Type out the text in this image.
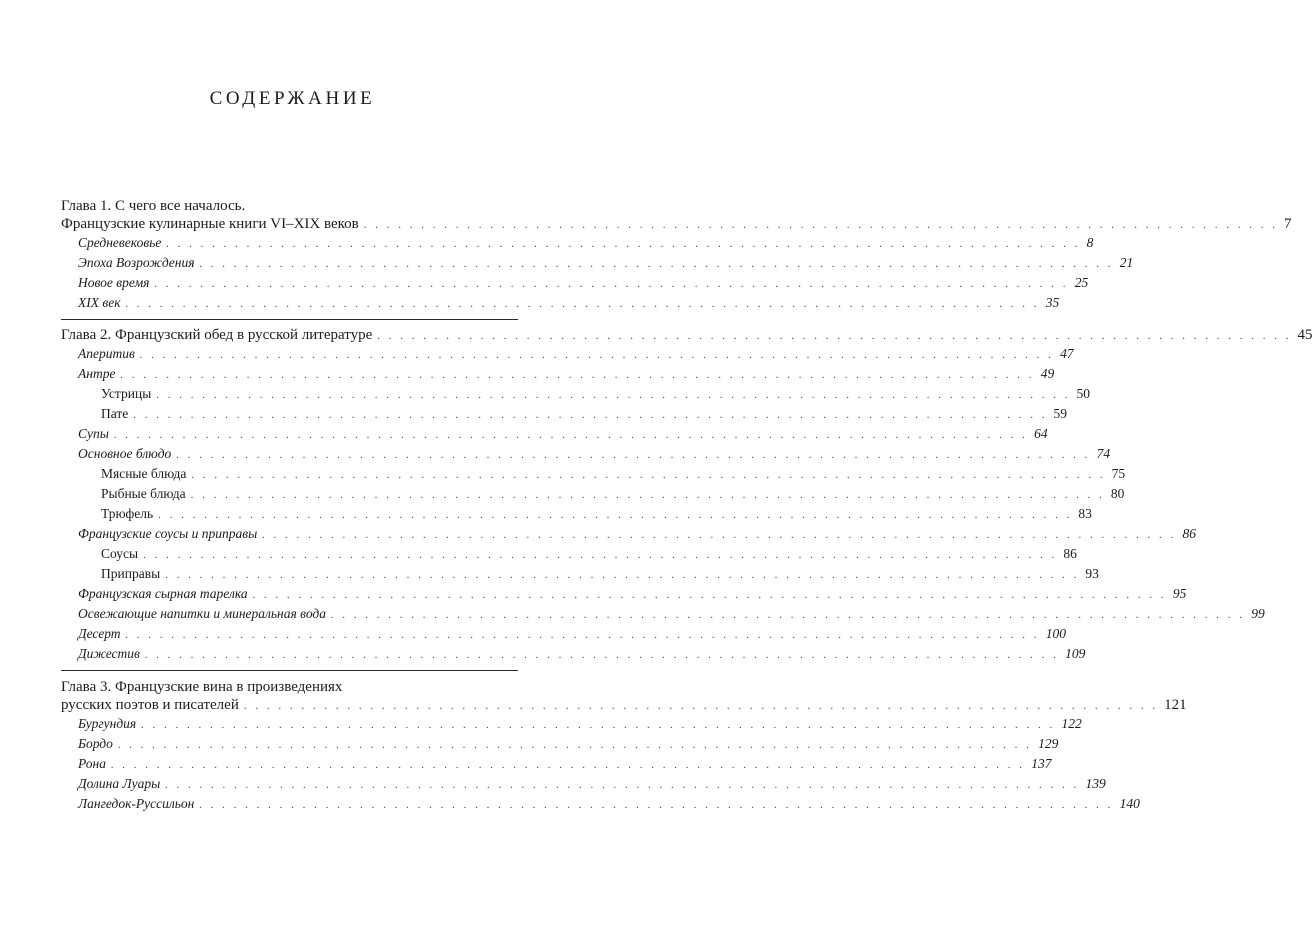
СОДЕРЖАНИЕ
Глава 1. С чего все началось.
Французские кулинарные книги VI–XIX веков . . . . . . . . . . . . . . . . . . . . . . . . . . . . . . . . . . . . . . . . . . . . . . . . . . . . . . . . . . . . . . . . . . . . . . . . . . . . . . . . 7
Средневековье . . . . . . . . . . . . . . . . . . . . . . . . . . . . . . . . . . . . . . . . . . . . . . . . . . . . . . . . . . . . . . . . . . . . . . . . . . . . . . . . 8
Эпоха Возрождения . . . . . . . . . . . . . . . . . . . . . . . . . . . . . . . . . . . . . . . . . . . . . . . . . . . . . . . . . . . . . . . . . . . . . . . . . . . . . . . . 21
Новое время . . . . . . . . . . . . . . . . . . . . . . . . . . . . . . . . . . . . . . . . . . . . . . . . . . . . . . . . . . . . . . . . . . . . . . . . . . . . . . . . 25
XIX век . . . . . . . . . . . . . . . . . . . . . . . . . . . . . . . . . . . . . . . . . . . . . . . . . . . . . . . . . . . . . . . . . . . . . . . . . . . . . . . . 35
Глава 2. Французский обед в русской литературе . . . . . . . . . . . . . . . . . . . . . . . . . . . . . . . . . . . . . . . . . . . . . . . . . . . . . . . . . . . . . . . . . . . . . . . . . . . . . . . . 45
Аперитив . . . . . . . . . . . . . . . . . . . . . . . . . . . . . . . . . . . . . . . . . . . . . . . . . . . . . . . . . . . . . . . . . . . . . . . . . . . . . . . . 47
Антре . . . . . . . . . . . . . . . . . . . . . . . . . . . . . . . . . . . . . . . . . . . . . . . . . . . . . . . . . . . . . . . . . . . . . . . . . . . . . . . . 49
Устрицы . . . . . . . . . . . . . . . . . . . . . . . . . . . . . . . . . . . . . . . . . . . . . . . . . . . . . . . . . . . . . . . . . . . . . . . . . . . . . . . . 50
Пате . . . . . . . . . . . . . . . . . . . . . . . . . . . . . . . . . . . . . . . . . . . . . . . . . . . . . . . . . . . . . . . . . . . . . . . . . . . . . . . . 59
Супы . . . . . . . . . . . . . . . . . . . . . . . . . . . . . . . . . . . . . . . . . . . . . . . . . . . . . . . . . . . . . . . . . . . . . . . . . . . . . . . . 64
Основное блюдо . . . . . . . . . . . . . . . . . . . . . . . . . . . . . . . . . . . . . . . . . . . . . . . . . . . . . . . . . . . . . . . . . . . . . . . . . . . . . . . . 74
Мясные блюда . . . . . . . . . . . . . . . . . . . . . . . . . . . . . . . . . . . . . . . . . . . . . . . . . . . . . . . . . . . . . . . . . . . . . . . . . . . . . . . . 75
Рыбные блюда . . . . . . . . . . . . . . . . . . . . . . . . . . . . . . . . . . . . . . . . . . . . . . . . . . . . . . . . . . . . . . . . . . . . . . . . . . . . . . . . 80
Трюфель . . . . . . . . . . . . . . . . . . . . . . . . . . . . . . . . . . . . . . . . . . . . . . . . . . . . . . . . . . . . . . . . . . . . . . . . . . . . . . . . 83
Французские соусы и приправы . . . . . . . . . . . . . . . . . . . . . . . . . . . . . . . . . . . . . . . . . . . . . . . . . . . . . . . . . . . . . . . . . . . . . . . . . . . . . . . . 86
Соусы . . . . . . . . . . . . . . . . . . . . . . . . . . . . . . . . . . . . . . . . . . . . . . . . . . . . . . . . . . . . . . . . . . . . . . . . . . . . . . . . 86
Приправы . . . . . . . . . . . . . . . . . . . . . . . . . . . . . . . . . . . . . . . . . . . . . . . . . . . . . . . . . . . . . . . . . . . . . . . . . . . . . . . . 93
Французская сырная тарелка . . . . . . . . . . . . . . . . . . . . . . . . . . . . . . . . . . . . . . . . . . . . . . . . . . . . . . . . . . . . . . . . . . . . . . . . . . . . . . . . 95
Освежающие напитки и минеральная вода . . . . . . . . . . . . . . . . . . . . . . . . . . . . . . . . . . . . . . . . . . . . . . . . . . . . . . . . . . . . . . . . . . . . . . . . . . . . . . . . 99
Десерт . . . . . . . . . . . . . . . . . . . . . . . . . . . . . . . . . . . . . . . . . . . . . . . . . . . . . . . . . . . . . . . . . . . . . . . . . . . . . . . . 100
Дижестив . . . . . . . . . . . . . . . . . . . . . . . . . . . . . . . . . . . . . . . . . . . . . . . . . . . . . . . . . . . . . . . . . . . . . . . . . . . . . . . . 109
Глава 3. Французские вина в произведениях
русских поэтов и писателей . . . . . . . . . . . . . . . . . . . . . . . . . . . . . . . . . . . . . . . . . . . . . . . . . . . . . . . . . . . . . . . . . . . . . . . . . . . . . . . . 121
Бургундия . . . . . . . . . . . . . . . . . . . . . . . . . . . . . . . . . . . . . . . . . . . . . . . . . . . . . . . . . . . . . . . . . . . . . . . . . . . . . . . . 122
Бордо . . . . . . . . . . . . . . . . . . . . . . . . . . . . . . . . . . . . . . . . . . . . . . . . . . . . . . . . . . . . . . . . . . . . . . . . . . . . . . . . 129
Рона . . . . . . . . . . . . . . . . . . . . . . . . . . . . . . . . . . . . . . . . . . . . . . . . . . . . . . . . . . . . . . . . . . . . . . . . . . . . . . . . 137
Долина Луары . . . . . . . . . . . . . . . . . . . . . . . . . . . . . . . . . . . . . . . . . . . . . . . . . . . . . . . . . . . . . . . . . . . . . . . . . . . . . . . . 139
Лангедок-Руссильон . . . . . . . . . . . . . . . . . . . . . . . . . . . . . . . . . . . . . . . . . . . . . . . . . . . . . . . . . . . . . . . . . . . . . . . . . . . . . . . . 140
